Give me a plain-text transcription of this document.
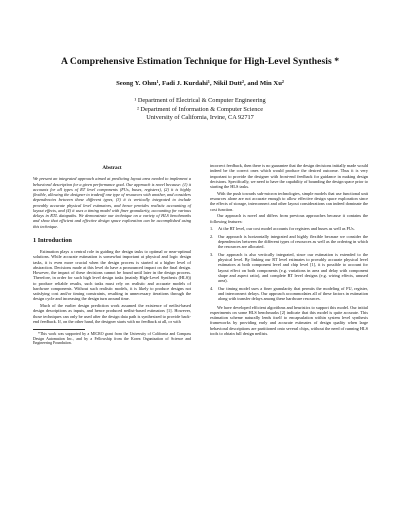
A Comprehensive Estimation Technique for High-Level Synthesis *
Seong Y. Ohm¹, Fadi J. Kurdahi¹, Nikil Dutt², and Min Xu²
¹ Department of Electrical & Computer Engineering
² Department of Information & Computer Science
University of California, Irvine, CA 92717
Abstract

We present an integrated approach aimed at predicting layout area needed to implement a behavioral description for a given performance goal. Our approach is novel because: (1) it accounts for all types of RT level components (FUs, buses, registers), (2) it is highly flexible, allowing the designer to tradeoff one type of resources with another, and considers dependencies between these different types, (3) it is vertically integrated to include provably accurate physical level estimators, and hence provides realistic accounting of layout effects, and (4) it uses a timing model with finer granularity, accounting for various delays in RTL datapaths. We demonstrate our technique on a variety of HLS benchmarks and show that efficient and effective design space exploration can be accomplished using this technique.

1 Introduction

Estimation plays a central role in guiding the design tasks to optimal or near-optimal solutions. While accurate estimation is somewhat important at physical and logic design tasks, it is even more crucial when the design process is started at a higher level of abstraction. Decisions made at this level do have a pronounced impact on the final design. However, the impact of these decisions cannot be found until later in the design process. Therefore, in order for such high level design tasks (mainly High-Level Synthesis (HLS)) to produce reliable results, such tasks must rely on realistic and accurate models of hardware components. Without such realistic models, it is likely to produce designs not satisfying cost and/or timing constraints, resulting in unnecessary iterations through the design cycle and increasing the design turn around time.

Much of the earlier design prediction work assumed the existence of netlist-based design descriptions as inputs, and hence produced netlist-based estimators [1]. However, those techniques can only be used after the design data path is synthesized to provide back-end feedback. If, on the other hand, the designer starts with no feedback at all, or with

*This work was supported by a MICRO grant from the University of California and Compass Design Automation Inc., and by a Fellowship from the Korea Organization of Science and Engineering Foundation.

incorrect feedback, then there is no guarantee that the design decisions initially made would indeed be the correct ones which would produce the desired outcome. Thus it is very important to provide the designer with front-end feedback for guidance in making design decisions. Specifically, we need to have the capability of bounding the design space prior to starting the HLS tasks.

With the push towards sub-micron technologies, simple models that use functional unit resources alone are not accurate enough to allow effective design space exploration since the effects of storage, interconnect and other layout considerations can indeed dominate the cost function.

Our approach is novel and differs from previous approaches because it contains the following features:

1. At the RT level, our cost model accounts for registers and buses as well as FUs.
2. Our approach is horizontally integrated and highly flexible because we consider the dependencies between the different types of resources as well as the ordering in which the resources are allocated.
3. Our approach is also vertically integrated, since our estimation is extended to the physical level. By linking our RT level estimates to provably accurate physical level estimators at both component level and chip level [1], it is possible to account for layout effect on both components (e.g. variations in area and delay with component shape and aspect ratio), and complete RT level designs (e.g. wiring effects, unused area).
4. Our timing model uses a finer granularity that permits the modeling of FU, register, and interconnect delays. Our approach accommodates all of these factors in estimation along with transfer delays among these hardware resources.

We have developed efficient algorithms and heuristics to support this model. Our initial experiments on some HLS benchmarks [2] indicate that this model is quite accurate. This estimation scheme naturally lends itself to encapsulation within system level synthesis frameworks by providing early and accurate estimates of design quality when large behavioral descriptions are partitioned onto several chips, without the need of running HLS tools to obtain full design netlists.
